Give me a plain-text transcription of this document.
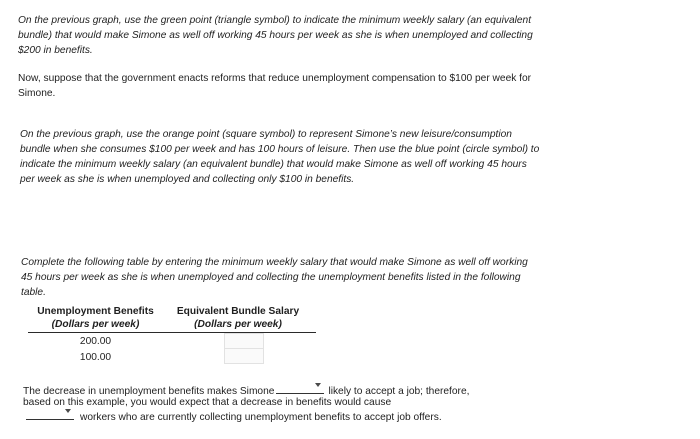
On the previous graph, use the green point (triangle symbol) to indicate the minimum weekly salary (an equivalent bundle) that would make Simone as well off working 45 hours per week as she is when unemployed and collecting $200 in benefits.
Now, suppose that the government enacts reforms that reduce unemployment compensation to $100 per week for Simone.
On the previous graph, use the orange point (square symbol) to represent Simone’s new leisure/consumption bundle when she consumes $100 per week and has 100 hours of leisure. Then use the blue point (circle symbol) to indicate the minimum weekly salary (an equivalent bundle) that would make Simone as well off working 45 hours per week as she is when unemployed and collecting only $100 in benefits.
Complete the following table by entering the minimum weekly salary that would make Simone as well off working 45 hours per week as she is when unemployed and collecting the unemployment benefits listed in the following table.
Unemployment Benefits
(Dollars per week)
Equivalent Bundle Salary
(Dollars per week)
200.00
100.00
The decrease in unemployment benefits makes Simone	likely to accept a job; therefore,
based on this example, you would expect that a decrease in benefits would cause
workers who are currently collecting unemployment benefits to accept job offers.
